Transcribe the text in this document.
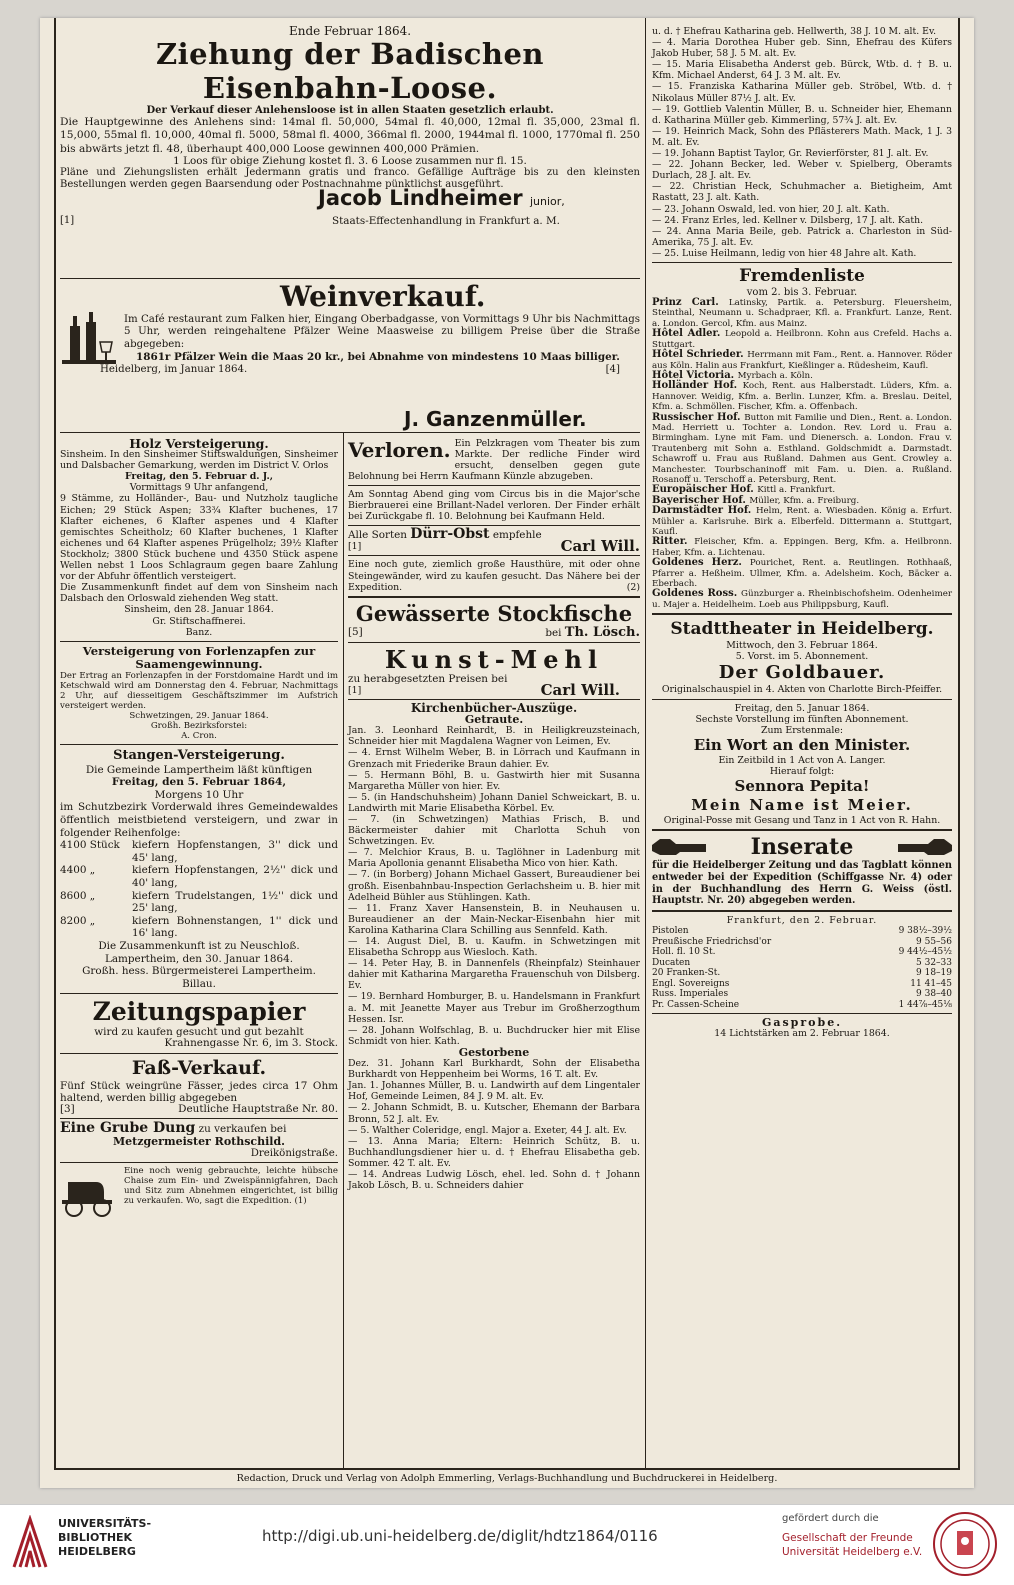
Ende Februar 1864.
Ziehung der Badischen Eisenbahn-Loose.
Der Verkauf dieser Anlehensloose ist in allen Staaten gesetzlich erlaubt.

Die Hauptgewinne des Anlehens sind: 14mal fl. 50,000, 54mal fl. 40,000, 12mal fl. 35,000, 23mal fl. 15,000, 55mal fl. 10,000, 40mal fl. 5000, 58mal fl. 4000, 366mal fl. 2000, 1944mal fl. 1000, 1770mal fl. 250 bis abwärts jetzt fl. 48, überhaupt 400,000 Loose gewinnen 400,000 Prämien.

1 Loos für obige Ziehung kostet fl. 3. 6 Loose zusammen nur fl. 15.

Pläne und Ziehungslisten erhält Jedermann gratis und franco. Gefällige Aufträge bis zu den kleinsten Bestellungen werden gegen Baarsendung oder Postnachnahme pünktlichst ausgeführt.

Jacob Lindheimer junior,
[1]	Staats-Effectenhandlung in Frankfurt a. M.
Weinverkauf.

Im Café restaurant zum Falken hier, Eingang Oberbadgasse, von Vormittags 9 Uhr bis Nachmittags 5 Uhr, werden reingehaltene Pfälzer Weine Maasweise zu billigem Preise über die Straße abgegeben:

1861r Pfälzer Wein die Maas 20 kr., bei Abnahme von mindestens 10 Maas billiger.

Heidelberg, im Januar 1864.	[4]
J. Ganzenmüller.
Holz Versteigerung.

Sinsheim. In den Sinsheimer Stiftswaldungen, Sinsheimer und Dalsbacher Gemarkung, werden im District V. Orlos

Freitag, den 5. Februar d. J.,

Vormittags 9 Uhr anfangend,

9 Stämme, zu Holländer-, Bau- und Nutzholz taugliche Eichen; 29 Stück Aspen; 33¾ Klafter buchenes, 17 Klafter eichenes, 6 Klafter aspenes und 4 Klafter gemischtes Scheitholz; 60 Klafter buchenes, 1 Klafter eichenes und 64 Klafter aspenes Prügelholz; 39½ Klafter Stockholz; 3800 Stück buchene und 4350 Stück aspene Wellen nebst 1 Loos Schlagraum gegen baare Zahlung vor der Abfuhr öffentlich versteigert.

Die Zusammenkunft findet auf dem von Sinsheim nach Dalsbach den Orloswald ziehenden Weg statt.

Sinsheim, den 28. Januar 1864.

Gr. Stiftschaffnerei.

Banz.

Versteigerung von Forlenzapfen zur Saamengewinnung.

Der Ertrag an Forlenzapfen in der Forstdomaine Hardt und im Ketschwald wird am Donnerstag den 4. Februar, Nachmittags 2 Uhr, auf diesseitigem Geschäftszimmer im Aufstrich versteigert werden.

Schwetzingen, 29. Januar 1864.

Großh. Bezirksforstei:

A. Cron.

Stangen-Versteigerung.

Die Gemeinde Lampertheim läßt künftigen

Freitag, den 5. Februar 1864,

Morgens 10 Uhr

im Schutzbezirk Vorderwald ihres Gemeindewaldes öffentlich meistbietend versteigern, und zwar in folgender Reihenfolge:

4100 Stück	kiefern Hopfenstangen, 3'' dick und 45' lang,
4400 „	kiefern Hopfenstangen, 2½'' dick und 40' lang,
8600 „	kiefern Trudelstangen, 1½'' dick und 25' lang,
8200 „	kiefern Bohnenstangen, 1'' dick und 16' lang.

Die Zusammenkunft ist zu Neuschloß.

Lampertheim, den 30. Januar 1864.

Großh. hess. Bürgermeisterei Lampertheim.

Billau.

Zeitungspapier

wird zu kaufen gesucht und gut bezahlt

Krahnengasse Nr. 6, im 3. Stock.

Faß-Verkauf.

Fünf Stück weingrüne Fässer, jedes circa 17 Ohm haltend, werden billig abgegeben

[3]	Deutliche Hauptstraße Nr. 80.
Eine Grube Dung zu verkaufen bei

Metzgermeister Rothschild.

Dreikönigstraße.

Eine noch wenig gebrauchte, leichte hübsche Chaise zum Ein- und Zweispännigfahren, Dach und Sitz zum Abnehmen eingerichtet, ist billig zu verkaufen. Wo, sagt die Expedition. (1)

Verloren. Ein Pelzkragen vom Theater bis zum Markte. Der redliche Finder wird ersucht, denselben gegen gute Belohnung bei Herrn Kaufmann Künzle abzugeben.

Am Sonntag Abend ging vom Circus bis in die Major'sche Bierbrauerei eine Brillant-Nadel verloren. Der Finder erhält bei Zurückgabe fl. 10. Belohnung bei Kaufmann Held.

Alle Sorten Dürr-Obst empfehle
[1]	Carl Will.

Eine noch gute, ziemlich große Hausthüre, mit oder ohne Steingewänder, wird zu kaufen gesucht. Das Nähere bei der Expedition.	(2)

Gewässerte Stockfische
[5]	bei Th. Lösch.
Kunst-Mehl

zu herabgesetzten Preisen bei

[1]	Carl Will.
Kirchenbücher-Auszüge.
Getraute.

Jan. 3. Leonhard Reinhardt, B. in Heiligkreuzsteinach, Schneider hier mit Magdalena Wagner von Leimen, Ev.

— 4. Ernst Wilhelm Weber, B. in Lörrach und Kaufmann in Grenzach mit Friederike Braun dahier. Ev.

— 5. Hermann Böhl, B. u. Gastwirth hier mit Susanna Margaretha Müller von hier. Ev.

— 5. (in Handschuhsheim) Johann Daniel Schweickart, B. u. Landwirth mit Marie Elisabetha Körbel. Ev.

— 7. (in Schwetzingen) Mathias Frisch, B. und Bäckermeister dahier mit Charlotta Schuh von Schwetzingen. Ev.

— 7. Melchior Kraus, B. u. Taglöhner in Ladenburg mit Maria Apollonia genannt Elisabetha Mico von hier. Kath.

— 7. (in Borberg) Johann Michael Gassert, Bureaudiener bei großh. Eisenbahnbau-Inspection Gerlachsheim u. B. hier mit Adelheid Bühler aus Stühlingen. Kath.

— 11. Franz Xaver Hansenstein, B. in Neuhausen u. Bureaudiener an der Main-Neckar-Eisenbahn hier mit Karolina Katharina Clara Schilling aus Sennfeld. Kath.

— 14. August Diel, B. u. Kaufm. in Schwetzingen mit Elisabetha Schropp aus Wiesloch. Kath.

— 14. Peter Hay, B. in Dannenfels (Rheinpfalz) Steinhauer dahier mit Katharina Margaretha Frauenschuh von Dilsberg. Ev.

— 19. Bernhard Homburger, B. u. Handelsmann in Frankfurt a. M. mit Jeanette Mayer aus Trebur im Großherzogthum Hessen. Isr.

— 28. Johann Wolfschlag, B. u. Buchdrucker hier mit Elise Schmidt von hier. Kath.

Gestorbene

Dez. 31. Johann Karl Burkhardt, Sohn der Elisabetha Burkhardt von Heppenheim bei Worms, 16 T. alt. Ev.

Jan. 1. Johannes Müller, B. u. Landwirth auf dem Lingentaler Hof, Gemeinde Leimen, 84 J. 9 M. alt. Ev.

— 2. Johann Schmidt, B. u. Kutscher, Ehemann der Barbara Bronn, 52 J. alt. Ev.

— 5. Walther Coleridge, engl. Major a. Exeter, 44 J. alt. Ev.

— 13. Anna Maria; Eltern: Heinrich Schütz, B. u. Buchhandlungsdiener hier u. d. † Ehefrau Elisabetha geb. Sommer. 42 T. alt. Ev.

— 14. Andreas Ludwig Lösch, ehel. led. Sohn d. † Johann Jakob Lösch, B. u. Schneiders dahier

u. d. † Ehefrau Katharina geb. Hellwerth, 38 J. 10 M. alt. Ev.

— 4. Maria Dorothea Huber geb. Sinn, Ehefrau des Küfers Jakob Huber, 58 J. 5 M. alt. Ev.

— 15. Maria Elisabetha Anderst geb. Bürck, Wtb. d. † B. u. Kfm. Michael Anderst, 64 J. 3 M. alt. Ev.

— 15. Franziska Katharina Müller geb. Ströbel, Wtb. d. † Nikolaus Müller 87½ J. alt. Ev.

— 19. Gottlieb Valentin Müller, B. u. Schneider hier, Ehemann d. Katharina Müller geb. Kimmerling, 57¾ J. alt. Ev.

— 19. Heinrich Mack, Sohn des Pflästerers Math. Mack, 1 J. 3 M. alt. Ev.

— 19. Johann Baptist Taylor, Gr. Revierförster, 81 J. alt. Ev.

— 22. Johann Becker, led. Weber v. Spielberg, Oberamts Durlach, 28 J. alt. Ev.

— 22. Christian Heck, Schuhmacher a. Bietigheim, Amt Rastatt, 23 J. alt. Kath.

— 23. Johann Oswald, led. von hier, 20 J. alt. Kath.

— 24. Franz Erles, led. Kellner v. Dilsberg, 17 J. alt. Kath.

— 24. Anna Maria Beile, geb. Patrick a. Charleston in Süd-Amerika, 75 J. alt. Ev.

— 25. Luise Heilmann, ledig von hier 48 Jahre alt. Kath.

Fremdenliste

vom 2. bis 3. Februar.

Prinz Carl. Latinsky, Partik. a. Petersburg. Fleuersheim, Steinthal, Neumann u. Schadpraer, Kfl. a. Frankfurt. Lanze, Rent. a. London. Gercol, Kfm. aus Mainz.

Hôtel Adler. Leopold a. Heilbronn. Kohn aus Crefeld. Hachs a. Stuttgart.

Hôtel Schrieder. Herrmann mit Fam., Rent. a. Hannover. Röder aus Köln. Halin aus Frankfurt, Kießlinger a. Rüdesheim, Kaufl.

Hôtel Victoria. Myrbach a. Köln.

Holländer Hof. Koch, Rent. aus Halberstadt. Lüders, Kfm. a. Hannover. Weidig, Kfm. a. Berlin. Lunzer, Kfm. a. Breslau. Deitel, Kfm. a. Schmöllen. Fischer, Kfm. a. Offenbach.

Russischer Hof. Button mit Familie und Dien., Rent. a. London. Mad. Herriett u. Tochter a. London. Rev. Lord u. Frau a. Birmingham. Lyne mit Fam. und Dienersch. a. London. Frau v. Trautenberg mit Sohn a. Esthland. Goldschmidt a. Darmstadt. Schawroff u. Frau aus Rußland. Dahmen aus Gent. Crowley a. Manchester. Tourbschaninoff mit Fam. u. Dien. a. Rußland. Rosanoff u. Terschoff a. Petersburg, Rent.

Europäischer Hof. Kittl a. Frankfurt.

Bayerischer Hof. Müller, Kfm. a. Freiburg.

Darmstädter Hof. Helm, Rent. a. Wiesbaden. König a. Erfurt. Mühler a. Karlsruhe. Birk a. Elberfeld. Dittermann a. Stuttgart, Kaufl.

Ritter. Fleischer, Kfm. a. Eppingen. Berg, Kfm. a. Heilbronn. Haber, Kfm. a. Lichtenau.

Goldenes Herz. Pourichet, Rent. a. Reutlingen. Rothhaaß, Pfarrer a. Heßheim. Ullmer, Kfm. a. Adelsheim. Koch, Bäcker a. Eberbach.

Goldenes Ross. Günzburger a. Rheinbischofsheim. Odenheimer u. Majer a. Heidelheim. Loeb aus Philippsburg, Kaufl.

Stadttheater in Heidelberg.

Mittwoch, den 3. Februar 1864.

5. Vorst. im 5. Abonnement.

Der Goldbauer.

Originalschauspiel in 4. Akten von Charlotte Birch-Pfeiffer.

Freitag, den 5. Januar 1864.

Sechste Vorstellung im fünften Abonnement.

Zum Erstenmale:

Ein Wort an den Minister.

Ein Zeitbild in 1 Act von A. Langer.

Hierauf folgt:

Sennora Pepita!
Mein Name ist Meier.

Original-Posse mit Gesang und Tanz in 1 Act von R. Hahn.

Inserate

für die Heidelberger Zeitung und das Tagblatt können entweder bei der Expedition (Schiffgasse Nr. 4) oder in der Buchhandlung des Herrn G. Weiss (östl. Hauptstr. Nr. 20) abgegeben werden.

Frankfurt, den 2. Februar.

Pistolen	9 38½–39½
Preußische Friedrichsd'or	9 55–56
Holl. fl. 10 St.	9 44½–45½
Ducaten	5 32–33
20 Franken-St.	9 18–19
Engl. Sovereigns	11 41–45
Russ. Imperiales	9 38–40
Pr. Cassen-Scheine	1 44⅞–45⅛
Gasprobe.

14 Lichtstärken am 2. Februar 1864.

Redaction, Druck und Verlag von Adolph Emmerling, Verlags-Buchhandlung und Buchdruckerei in Heidelberg.
UNIVERSITÄTS-
BIBLIOTHEK
HEIDELBERG
http://digi.ub.uni-heidelberg.de/diglit/hdtz1864/0116
gefördert durch die
Gesellschaft der Freunde
Universität Heidelberg e.V.
